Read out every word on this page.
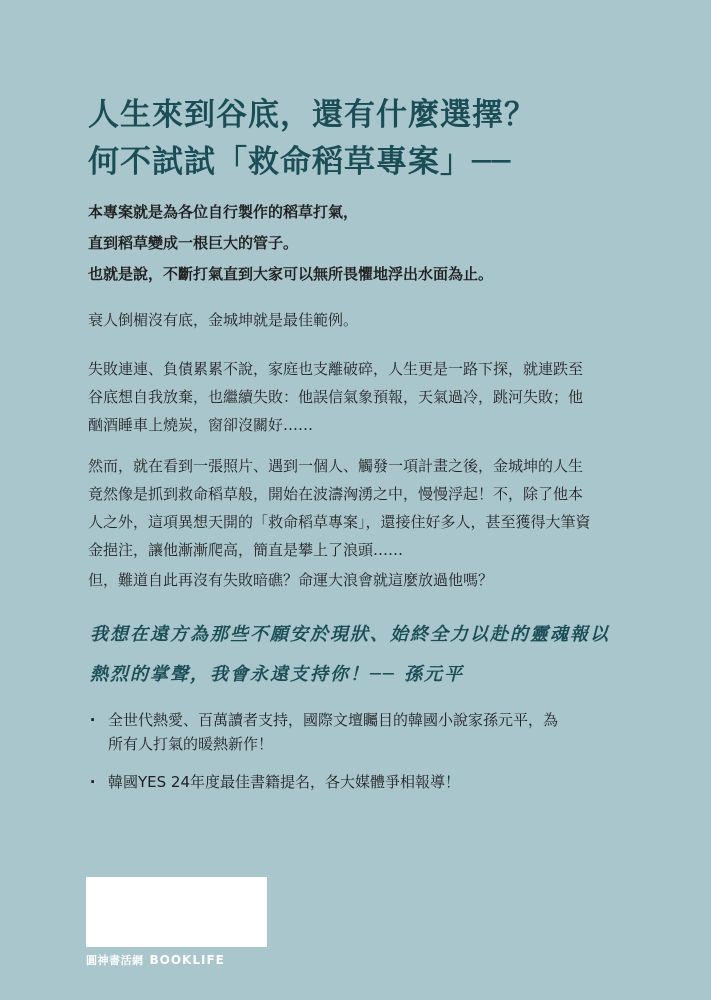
人生來到谷底，還有什麼選擇？
何不試試「救命稻草專案」──
本專案就是為各位自行製作的稻草打氣，
直到稻草變成一根巨大的管子。
也就是說，不斷打氣直到大家可以無所畏懼地浮出水面為止。
衰人倒楣沒有底，金城坤就是最佳範例。
失敗連連、負債累累不說，家庭也支離破碎，人生更是一路下探，就連跌至
谷底想自我放棄，也繼續失敗：他誤信氣象預報，天氣過冷，跳河失敗；他
酗酒睡車上燒炭，窗卻沒關好……
然而，就在看到一張照片、遇到一個人、觸發一項計畫之後，金城坤的人生
竟然像是抓到救命稻草般，開始在波濤洶湧之中，慢慢浮起！不，除了他本
人之外，這項異想天開的「救命稻草專案」，還接住好多人，甚至獲得大筆資
金挹注，讓他漸漸爬高，簡直是攀上了浪頭……
但，難道自此再沒有失敗暗礁？命運大浪會就這麼放過他嗎？
我想在遠方為那些不願安於現狀、始終全力以赴的靈魂報以
熱烈的掌聲，我會永遠支持你！── 孫元平
‧ 全世代熱愛、百萬讀者支持，國際文壇矚目的韓國小說家孫元平，為
所有人打氣的暖熱新作！
‧ 韓國YES 24年度最佳書籍提名，各大媒體爭相報導！
圓神書活網 BOOKLIFE
